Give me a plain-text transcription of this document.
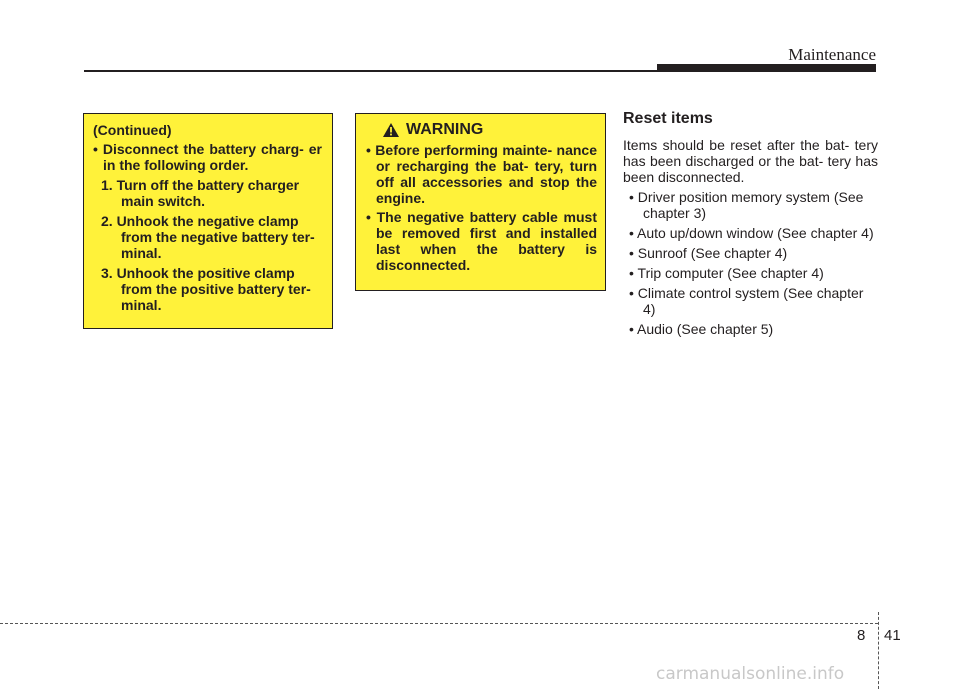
Maintenance

(Continued)

• Disconnect the battery charg- er in the following order.

1. Turn off the battery charger main switch.

2. Unhook the negative clamp from the negative battery ter- minal.

3. Unhook the positive clamp from the positive battery ter- minal.

WARNING

• Before performing mainte- nance or recharging the bat- tery, turn off all accessories and stop the engine.

• The negative battery cable must be removed first and installed last when the battery is disconnected.

Reset items

Items should be reset after the bat- tery has been discharged or the bat- tery has been disconnected.

• Driver position memory system (See chapter 3)
• Auto up/down window (See chapter 4)
• Sunroof (See chapter 4)
• Trip computer (See chapter 4)
• Climate control system (See chapter 4)
• Audio (See chapter 5)
8 41
carmanualsonline.info
